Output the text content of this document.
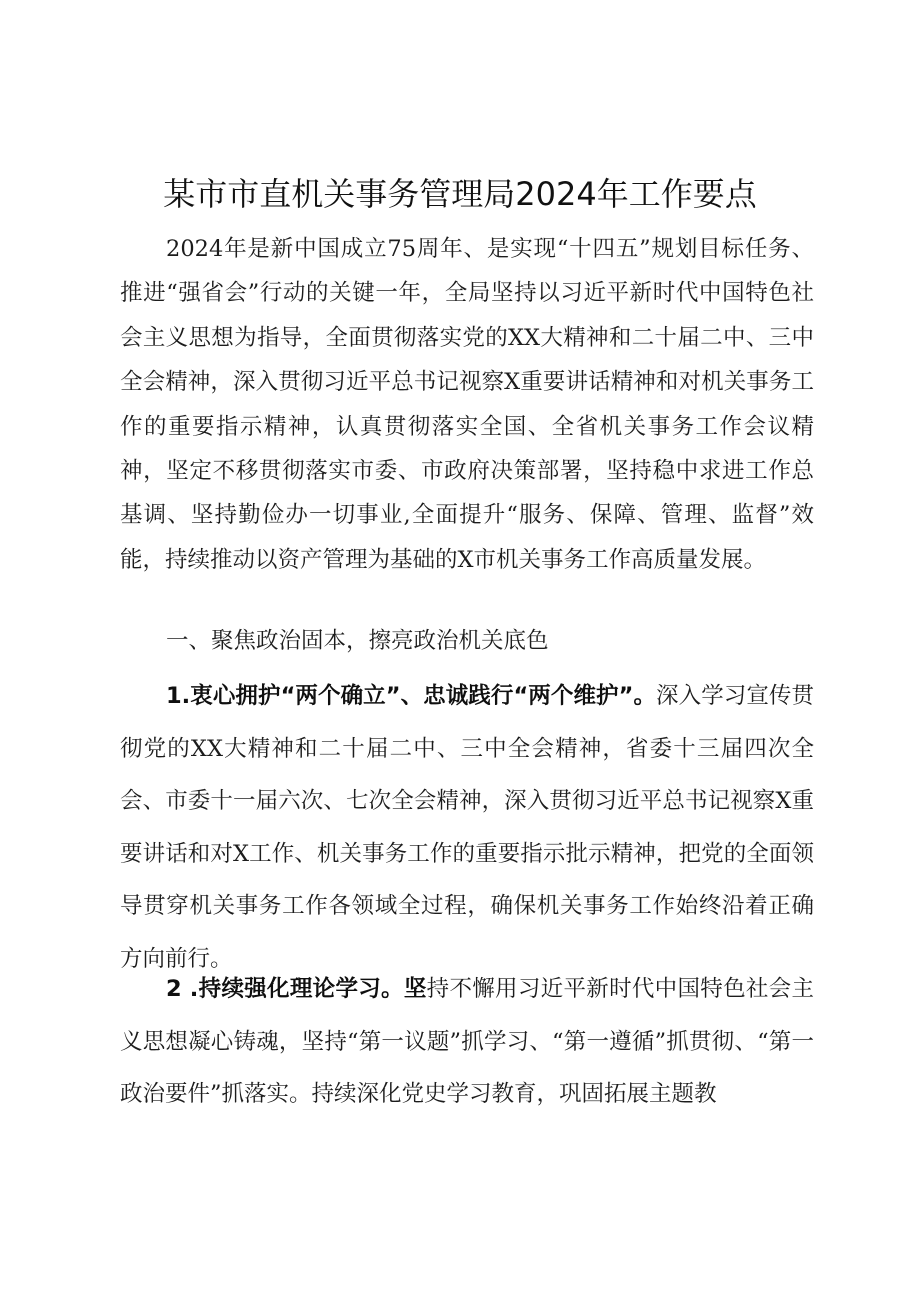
某市市直机关事务管理局2024年工作要点

2024年是新中国成立75周年、是实现“十四五”规划目标任务、推进“强省会”行动的关键一年，全局坚持以习近平新时代中国特色社会主义思想为指导，全面贯彻落实党的XX大精神和二十届二中、三中全会精神，深入贯彻习近平总书记视察X重要讲话精神和对机关事务工作的重要指示精神，认真贯彻落实全国、全省机关事务工作会议精神，坚定不移贯彻落实市委、市政府决策部署，坚持稳中求进工作总基调、坚持勤俭办一切事业,全面提升“服务、保障、管理、监督”效能，持续推动以资产管理为基础的X市机关事务工作高质量发展。

一、聚焦政治固本，擦亮政治机关底色

1.衷心拥护“两个确立”、忠诚践行“两个维护”。深入学习宣传贯彻党的XX大精神和二十届二中、三中全会精神，省委十三届四次全会、市委十一届六次、七次全会精神，深入贯彻习近平总书记视察X重要讲话和对X工作、机关事务工作的重要指示批示精神，把党的全面领导贯穿机关事务工作各领域全过程，确保机关事务工作始终沿着正确方向前行。

2 .持续强化理论学习。坚持不懈用习近平新时代中国特色社会主义思想凝心铸魂，坚持“第一议题”抓学习、“第一遵循”抓贯彻、“第一政治要件”抓落实。持续深化党史学习教育，巩固拓展主题教
